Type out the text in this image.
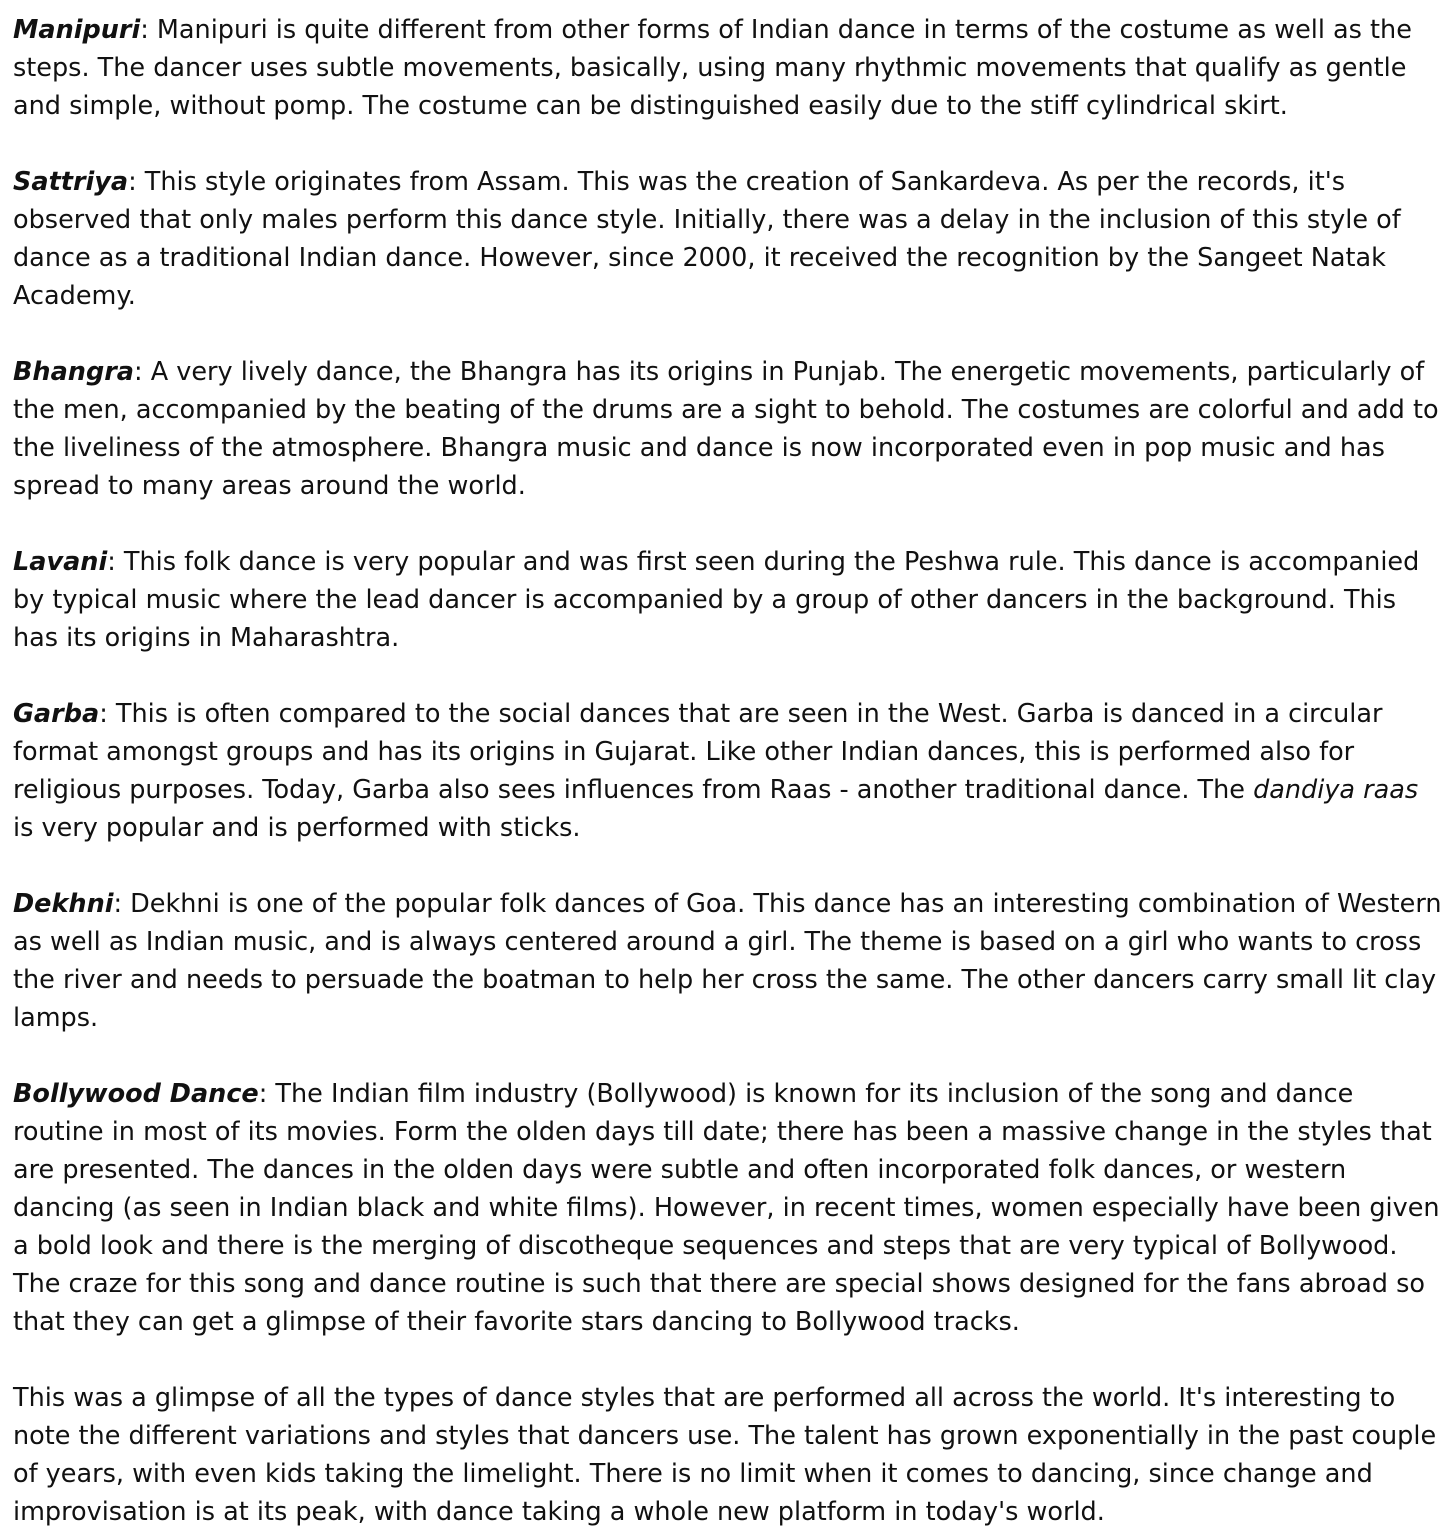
Manipuri: Manipuri is quite different from other forms of Indian dance in terms of the costume as well as the steps. The dancer uses subtle movements, basically, using many rhythmic movements that qualify as gentle and simple, without pomp. The costume can be distinguished easily due to the stiff cylindrical skirt.

Sattriya: This style originates from Assam. This was the creation of Sankardeva. As per the records, it's observed that only males perform this dance style. Initially, there was a delay in the inclusion of this style of dance as a traditional Indian dance. However, since 2000, it received the recognition by the Sangeet Natak Academy.

Bhangra: A very lively dance, the Bhangra has its origins in Punjab. The energetic movements, particularly of the men, accompanied by the beating of the drums are a sight to behold. The costumes are colorful and add to the liveliness of the atmosphere. Bhangra music and dance is now incorporated even in pop music and has spread to many areas around the world.

Lavani: This folk dance is very popular and was first seen during the Peshwa rule. This dance is accompanied by typical music where the lead dancer is accompanied by a group of other dancers in the background. This has its origins in Maharashtra.

Garba: This is often compared to the social dances that are seen in the West. Garba is danced in a circular format amongst groups and has its origins in Gujarat. Like other Indian dances, this is performed also for religious purposes. Today, Garba also sees influences from Raas - another traditional dance. The dandiya raas is very popular and is performed with sticks.

Dekhni: Dekhni is one of the popular folk dances of Goa. This dance has an interesting combination of Western as well as Indian music, and is always centered around a girl. The theme is based on a girl who wants to cross the river and needs to persuade the boatman to help her cross the same. The other dancers carry small lit clay lamps.

Bollywood Dance: The Indian film industry (Bollywood) is known for its inclusion of the song and dance routine in most of its movies. Form the olden days till date; there has been a massive change in the styles that are presented. The dances in the olden days were subtle and often incorporated folk dances, or western dancing (as seen in Indian black and white films). However, in recent times, women especially have been given a bold look and there is the merging of discotheque sequences and steps that are very typical of Bollywood. The craze for this song and dance routine is such that there are special shows designed for the fans abroad so that they can get a glimpse of their favorite stars dancing to Bollywood tracks.

This was a glimpse of all the types of dance styles that are performed all across the world. It's interesting to note the different variations and styles that dancers use. The talent has grown exponentially in the past couple of years, with even kids taking the limelight. There is no limit when it comes to dancing, since change and improvisation is at its peak, with dance taking a whole new platform in today's world.
